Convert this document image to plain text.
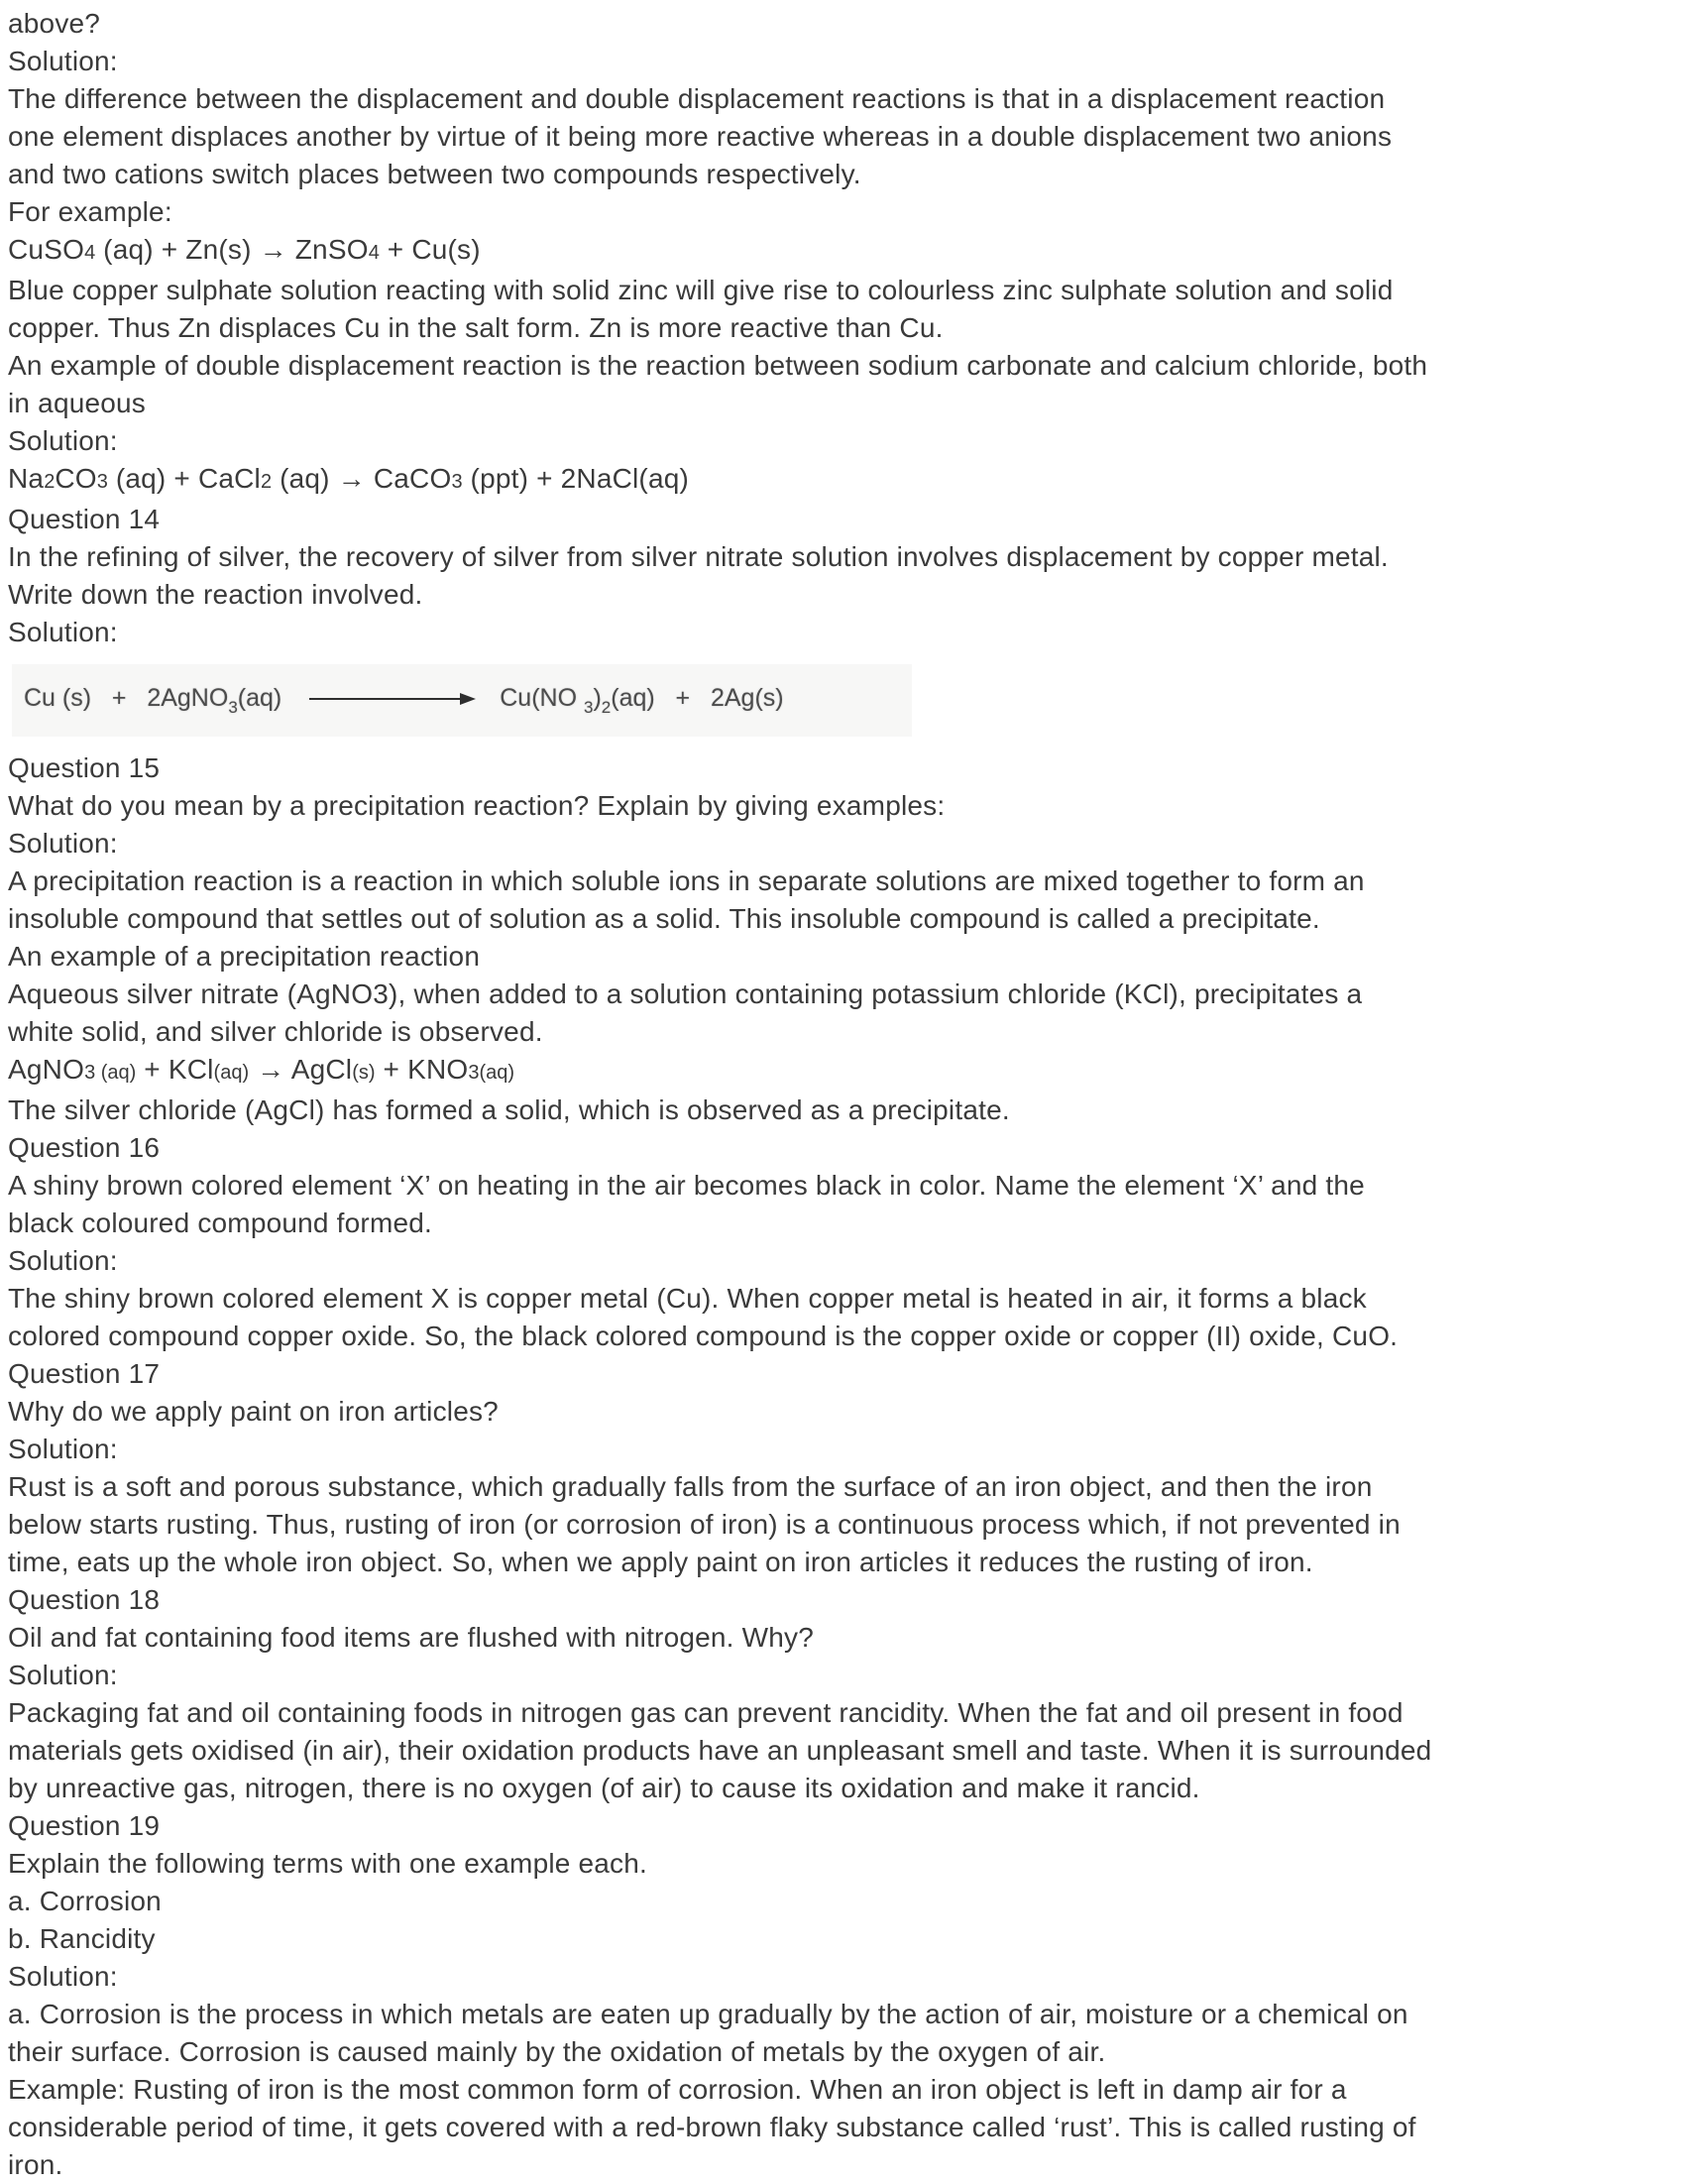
above?
Solution:
The difference between the displacement and double displacement reactions is that in a displacement reaction
one element displaces another by virtue of it being more reactive whereas in a double displacement two anions
and two cations switch places between two compounds respectively.
For example:
CuSO4 (aq) + Zn(s) → ZnSO4 + Cu(s)
Blue copper sulphate solution reacting with solid zinc will give rise to colourless zinc sulphate solution and solid
copper. Thus Zn displaces Cu in the salt form. Zn is more reactive than Cu.
An example of double displacement reaction is the reaction between sodium carbonate and calcium chloride, both
in aqueous
Solution:
Na2CO3 (aq) + CaCl2 (aq) → CaCO3 (ppt) + 2NaCl(aq)
Question 14
In the refining of silver, the recovery of silver from silver nitrate solution involves displacement by copper metal.
Write down the reaction involved.
Solution:
Cu (s)   +   2AgNO$_3$(aq)	Cu(NO $_3)_2(aq) + 2Ag(s)$
Question 15
What do you mean by a precipitation reaction? Explain by giving examples:
Solution:
A precipitation reaction is a reaction in which soluble ions in separate solutions are mixed together to form an
insoluble compound that settles out of solution as a solid. This insoluble compound is called a precipitate.
An example of a precipitation reaction
Aqueous silver nitrate (AgNO3), when added to a solution containing potassium chloride (KCl), precipitates a
white solid, and silver chloride is observed.
AgNO3 (aq) + KCl(aq) → AgCl(s) + KNO3(aq)
The silver chloride (AgCl) has formed a solid, which is observed as a precipitate.
Question 16
A shiny brown colored element ‘X’ on heating in the air becomes black in color. Name the element ‘X’ and the
black coloured compound formed.
Solution:
The shiny brown colored element X is copper metal (Cu). When copper metal is heated in air, it forms a black
colored compound copper oxide. So, the black colored compound is the copper oxide or copper (II) oxide, CuO.
Question 17
Why do we apply paint on iron articles?
Solution:
Rust is a soft and porous substance, which gradually falls from the surface of an iron object, and then the iron
below starts rusting. Thus, rusting of iron (or corrosion of iron) is a continuous process which, if not prevented in
time, eats up the whole iron object. So, when we apply paint on iron articles it reduces the rusting of iron.
Question 18
Oil and fat containing food items are flushed with nitrogen. Why?
Solution:
Packaging fat and oil containing foods in nitrogen gas can prevent rancidity. When the fat and oil present in food
materials gets oxidised (in air), their oxidation products have an unpleasant smell and taste. When it is surrounded
by unreactive gas, nitrogen, there is no oxygen (of air) to cause its oxidation and make it rancid.
Question 19
Explain the following terms with one example each.
a. Corrosion
b. Rancidity
Solution:
a. Corrosion is the process in which metals are eaten up gradually by the action of air, moisture or a chemical on
their surface. Corrosion is caused mainly by the oxidation of metals by the oxygen of air.
Example: Rusting of iron is the most common form of corrosion. When an iron object is left in damp air for a
considerable period of time, it gets covered with a red-brown flaky substance called ‘rust’. This is called rusting of
iron.
